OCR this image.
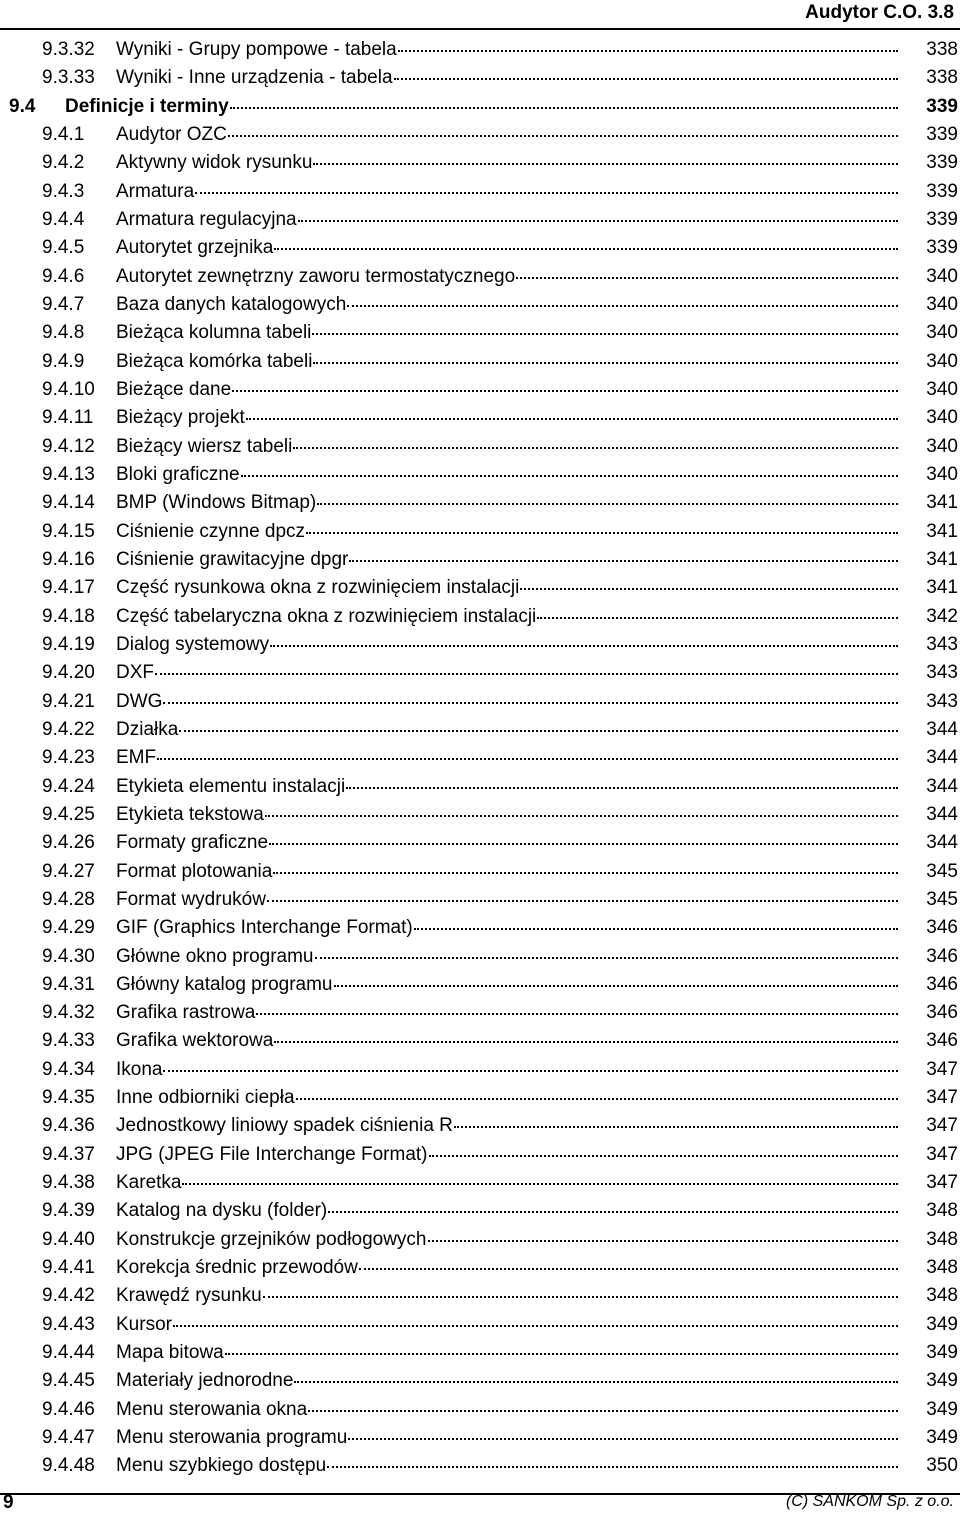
Audytor C.O. 3.8
9.3.32 Wyniki - Grupy pompowe - tabela	338
9.3.33 Wyniki - Inne urządzenia - tabela	338
9.4 Definicje i terminy	339
9.4.1 Audytor OZC	339
9.4.2 Aktywny widok rysunku	339
9.4.3 Armatura	339
9.4.4 Armatura regulacyjna	339
9.4.5 Autorytet grzejnika	339
9.4.6 Autorytet zewnętrzny zaworu termostatycznego	340
9.4.7 Baza danych katalogowych	340
9.4.8 Bieżąca kolumna tabeli	340
9.4.9 Bieżąca komórka tabeli	340
9.4.10 Bieżące dane	340
9.4.11 Bieżący projekt	340
9.4.12 Bieżący wiersz tabeli	340
9.4.13 Bloki graficzne	340
9.4.14 BMP (Windows Bitmap)	341
9.4.15 Ciśnienie czynne dpcz	341
9.4.16 Ciśnienie grawitacyjne dpgr	341
9.4.17 Część rysunkowa okna z rozwinięciem instalacji	341
9.4.18 Część tabelaryczna okna z rozwinięciem instalacji	342
9.4.19 Dialog systemowy	343
9.4.20 DXF	343
9.4.21 DWG	343
9.4.22 Działka	344
9.4.23 EMF	344
9.4.24 Etykieta elementu instalacji	344
9.4.25 Etykieta tekstowa	344
9.4.26 Formaty graficzne	344
9.4.27 Format plotowania	345
9.4.28 Format wydruków	345
9.4.29 GIF (Graphics Interchange Format)	346
9.4.30 Główne okno programu	346
9.4.31 Główny katalog programu	346
9.4.32 Grafika rastrowa	346
9.4.33 Grafika wektorowa	346
9.4.34 Ikona	347
9.4.35 Inne odbiorniki ciepła	347
9.4.36 Jednostkowy liniowy spadek ciśnienia R	347
9.4.37 JPG (JPEG File Interchange Format)	347
9.4.38 Karetka	347
9.4.39 Katalog na dysku (folder)	348
9.4.40 Konstrukcje grzejników podłogowych	348
9.4.41 Korekcja średnic przewodów	348
9.4.42 Krawędź rysunku	348
9.4.43 Kursor	349
9.4.44 Mapa bitowa	349
9.4.45 Materiały jednorodne	349
9.4.46 Menu sterowania okna	349
9.4.47 Menu sterowania programu	349
9.4.48 Menu szybkiego dostępu	350
9	(C) SANKOM Sp. z o.o.
